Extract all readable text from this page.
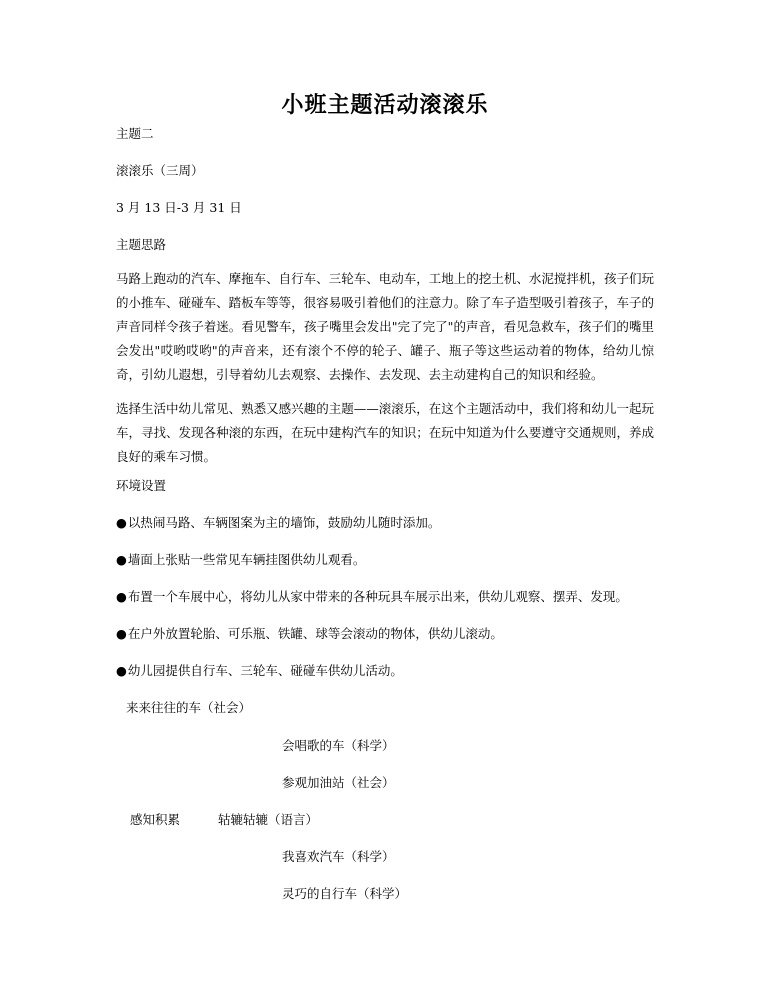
小班主题活动滚滚乐
主题二
滚滚乐（三周）
3 月 13 日-3 月 31 日
主题思路
马路上跑动的汽车、摩拖车、自行车、三轮车、电动车，工地上的挖土机、水泥搅拌机，孩子们玩的小推车、碰碰车、踏板车等等，很容易吸引着他们的注意力。除了车子造型吸引着孩子，车子的声音同样令孩子着迷。看见警车，孩子嘴里会发出"完了完了"的声音，看见急救车，孩子们的嘴里会发出"哎哟哎哟"的声音来，还有滚个不停的轮子、罐子、瓶子等这些运动着的物体，给幼儿惊奇，引幼儿遐想，引导着幼儿去观察、去操作、去发现、去主动建构自己的知识和经验。
选择生活中幼儿常见、熟悉又感兴趣的主题——滚滚乐，在这个主题活动中，我们将和幼儿一起玩车，寻找、发现各种滚的东西，在玩中建构汽车的知识；在玩中知道为什么要遵守交通规则，养成良好的乘车习惯。
环境设置
●以热闹马路、车辆图案为主的墙饰，鼓励幼儿随时添加。
●墙面上张贴一些常见车辆挂图供幼儿观看。
●布置一个车展中心，将幼儿从家中带来的各种玩具车展示出来，供幼儿观察、摆弄、发现。
●在户外放置轮胎、可乐瓶、铁罐、球等会滚动的物体，供幼儿滚动。
●幼儿园提供自行车、三轮车、碰碰车供幼儿活动。
来来往往的车（社会）
会唱歌的车（科学）
参观加油站（社会）
感知积累	轱辘轱辘（语言）
我喜欢汽车（科学）
灵巧的自行车（科学）
